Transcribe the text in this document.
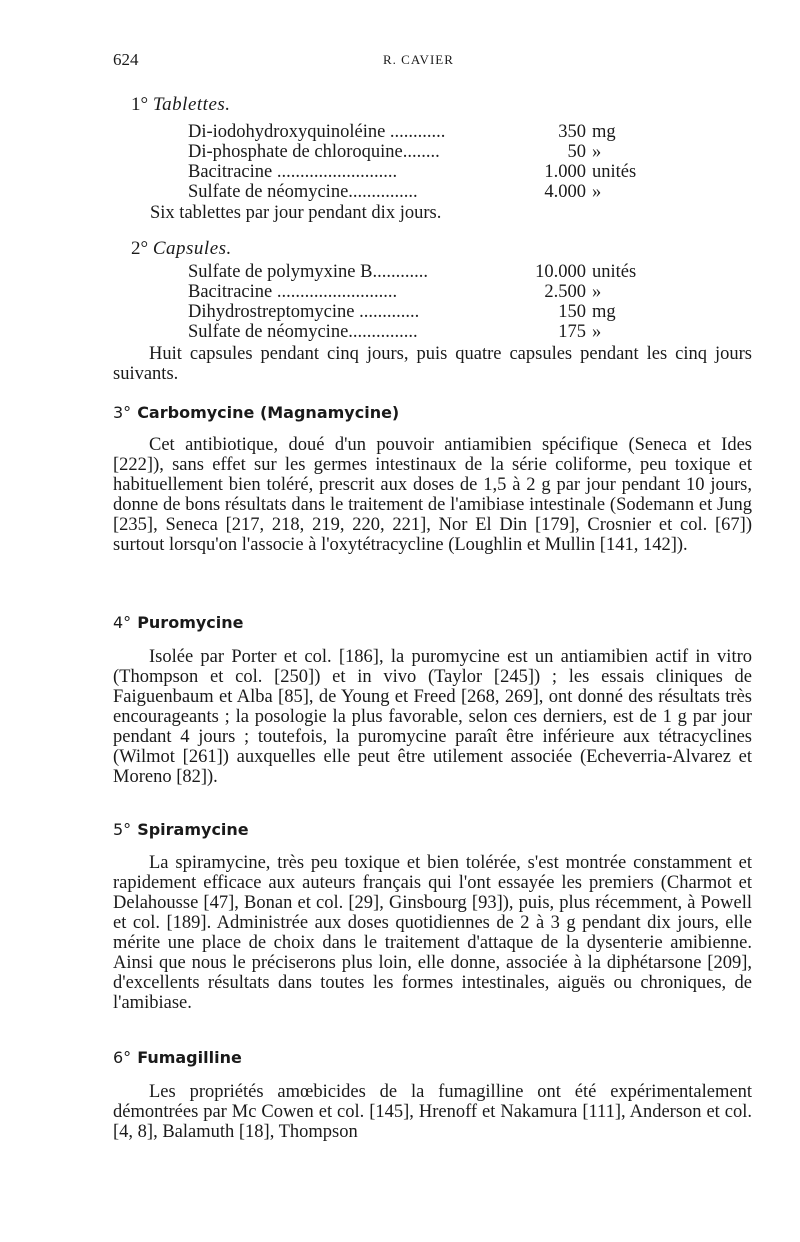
624	R. CAVIER
1° Tablettes.
Di-iodohydroxyquinoléine ............	350 mg
Di-phosphate de chloroquine........	50 »
Bacitracine ..........................	1.000 unités
Sulfate de néomycine...............	4.000 »
Six tablettes par jour pendant dix jours.
2° Capsules.
Sulfate de polymyxine B............	10.000 unités
Bacitracine ..........................	2.500 »
Dihydrostreptomycine .............	150 mg
Sulfate de néomycine...............	175 »

Huit capsules pendant cinq jours, puis quatre capsules pendant les cinq jours suivants.

3° Carbomycine (Magnamycine)

Cet antibiotique, doué d'un pouvoir antiamibien spécifique (Seneca et Ides [222]), sans effet sur les germes intestinaux de la série coliforme, peu toxique et habituellement bien toléré, prescrit aux doses de 1,5 à 2 g par jour pendant 10 jours, donne de bons résultats dans le traitement de l'amibiase intestinale (Sodemann et Jung [235], Seneca [217, 218, 219, 220, 221], Nor El Din [179], Crosnier et col. [67]) surtout lorsqu'on l'associe à l'oxytétracycline (Loughlin et Mullin [141, 142]).

4° Puromycine

Isolée par Porter et col. [186], la puromycine est un antiamibien actif in vitro (Thompson et col. [250]) et in vivo (Taylor [245]) ; les essais cliniques de Faiguenbaum et Alba [85], de Young et Freed [268, 269], ont donné des résultats très encourageants ; la posologie la plus favorable, selon ces derniers, est de 1 g par jour pendant 4 jours ; toutefois, la puromycine paraît être inférieure aux tétracyclines (Wilmot [261]) auxquelles elle peut être utilement associée (Echeverria-Alvarez et Moreno [82]).

5° Spiramycine

La spiramycine, très peu toxique et bien tolérée, s'est montrée constamment et rapidement efficace aux auteurs français qui l'ont essayée les premiers (Charmot et Delahousse [47], Bonan et col. [29], Ginsbourg [93]), puis, plus récemment, à Powell et col. [189]. Administrée aux doses quotidiennes de 2 à 3 g pendant dix jours, elle mérite une place de choix dans le traitement d'attaque de la dysenterie amibienne. Ainsi que nous le préciserons plus loin, elle donne, associée à la diphétarsone [209], d'excellents résultats dans toutes les formes intestinales, aiguës ou chroniques, de l'amibiase.

6° Fumagilline

Les propriétés amœbicides de la fumagilline ont été expérimentalement démontrées par Mc Cowen et col. [145], Hrenoff et Nakamura [111], Anderson et col. [4, 8], Balamuth [18], Thompson
